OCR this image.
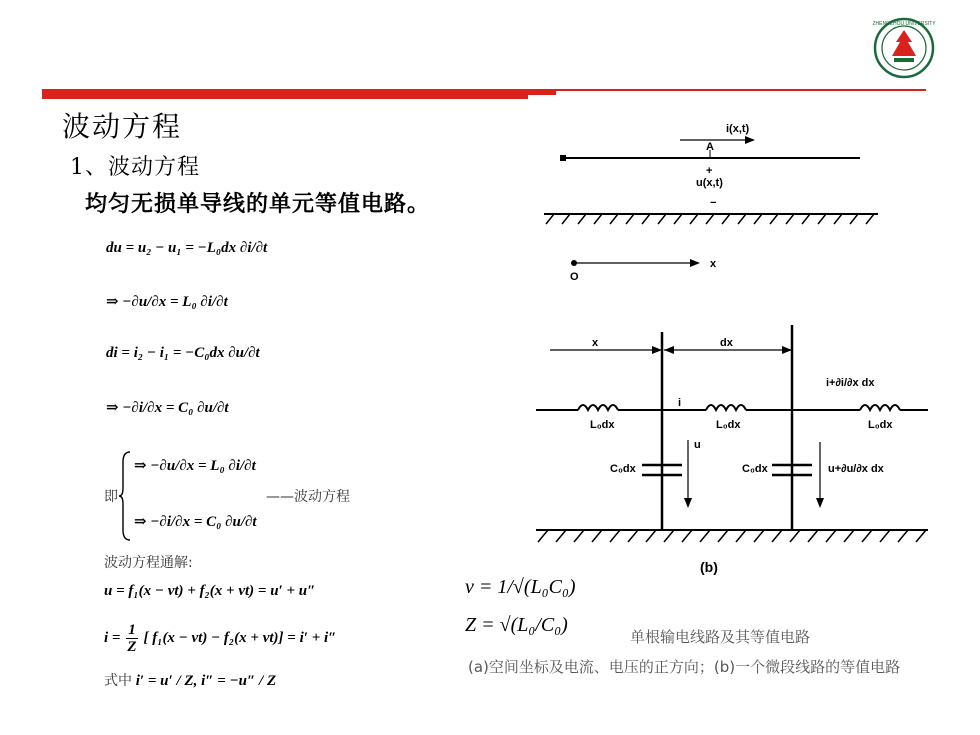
ZHENGZHOU UNIVERSITY
波动方程
1、波动方程
均匀无损单导线的单元等值电路。
du = u₂ − u₁ = −L₀dx ∂i/∂t
⇒ −∂u/∂x = L₀ ∂i/∂t
di = i₂ − i₁ = −C₀dx ∂u/∂t
⇒ −∂i/∂x = C₀ ∂u/∂t
即
⇒ −∂u/∂x = L₀ ∂i/∂t
⇒ −∂i/∂x = C₀ ∂u/∂t
——波动方程
波动方程通解:
u = f₁(x − vt) + f₂(x + vt) = u′ + u″
$i = \frac{1}{Z}$ [ f₁(x − vt) − f₂(x + vt)] = i′ + i″
式中 i′ = u′ / Z, i″ = −u″ / Z
v = 1/√(L₀C₀)
Z = √(L₀/C₀)
i(x,t)
A
+
u(x,t)
−
O
x
x	dx
L₀dx	L₀dx	L₀dx
i
i+∂i/∂x dx
C₀dx	C₀dx
u
u+∂u/∂x dx
(b)
单根输电线路及其等值电路
(a)空间坐标及电流、电压的正方向；(b)一个微段线路的等值电路
